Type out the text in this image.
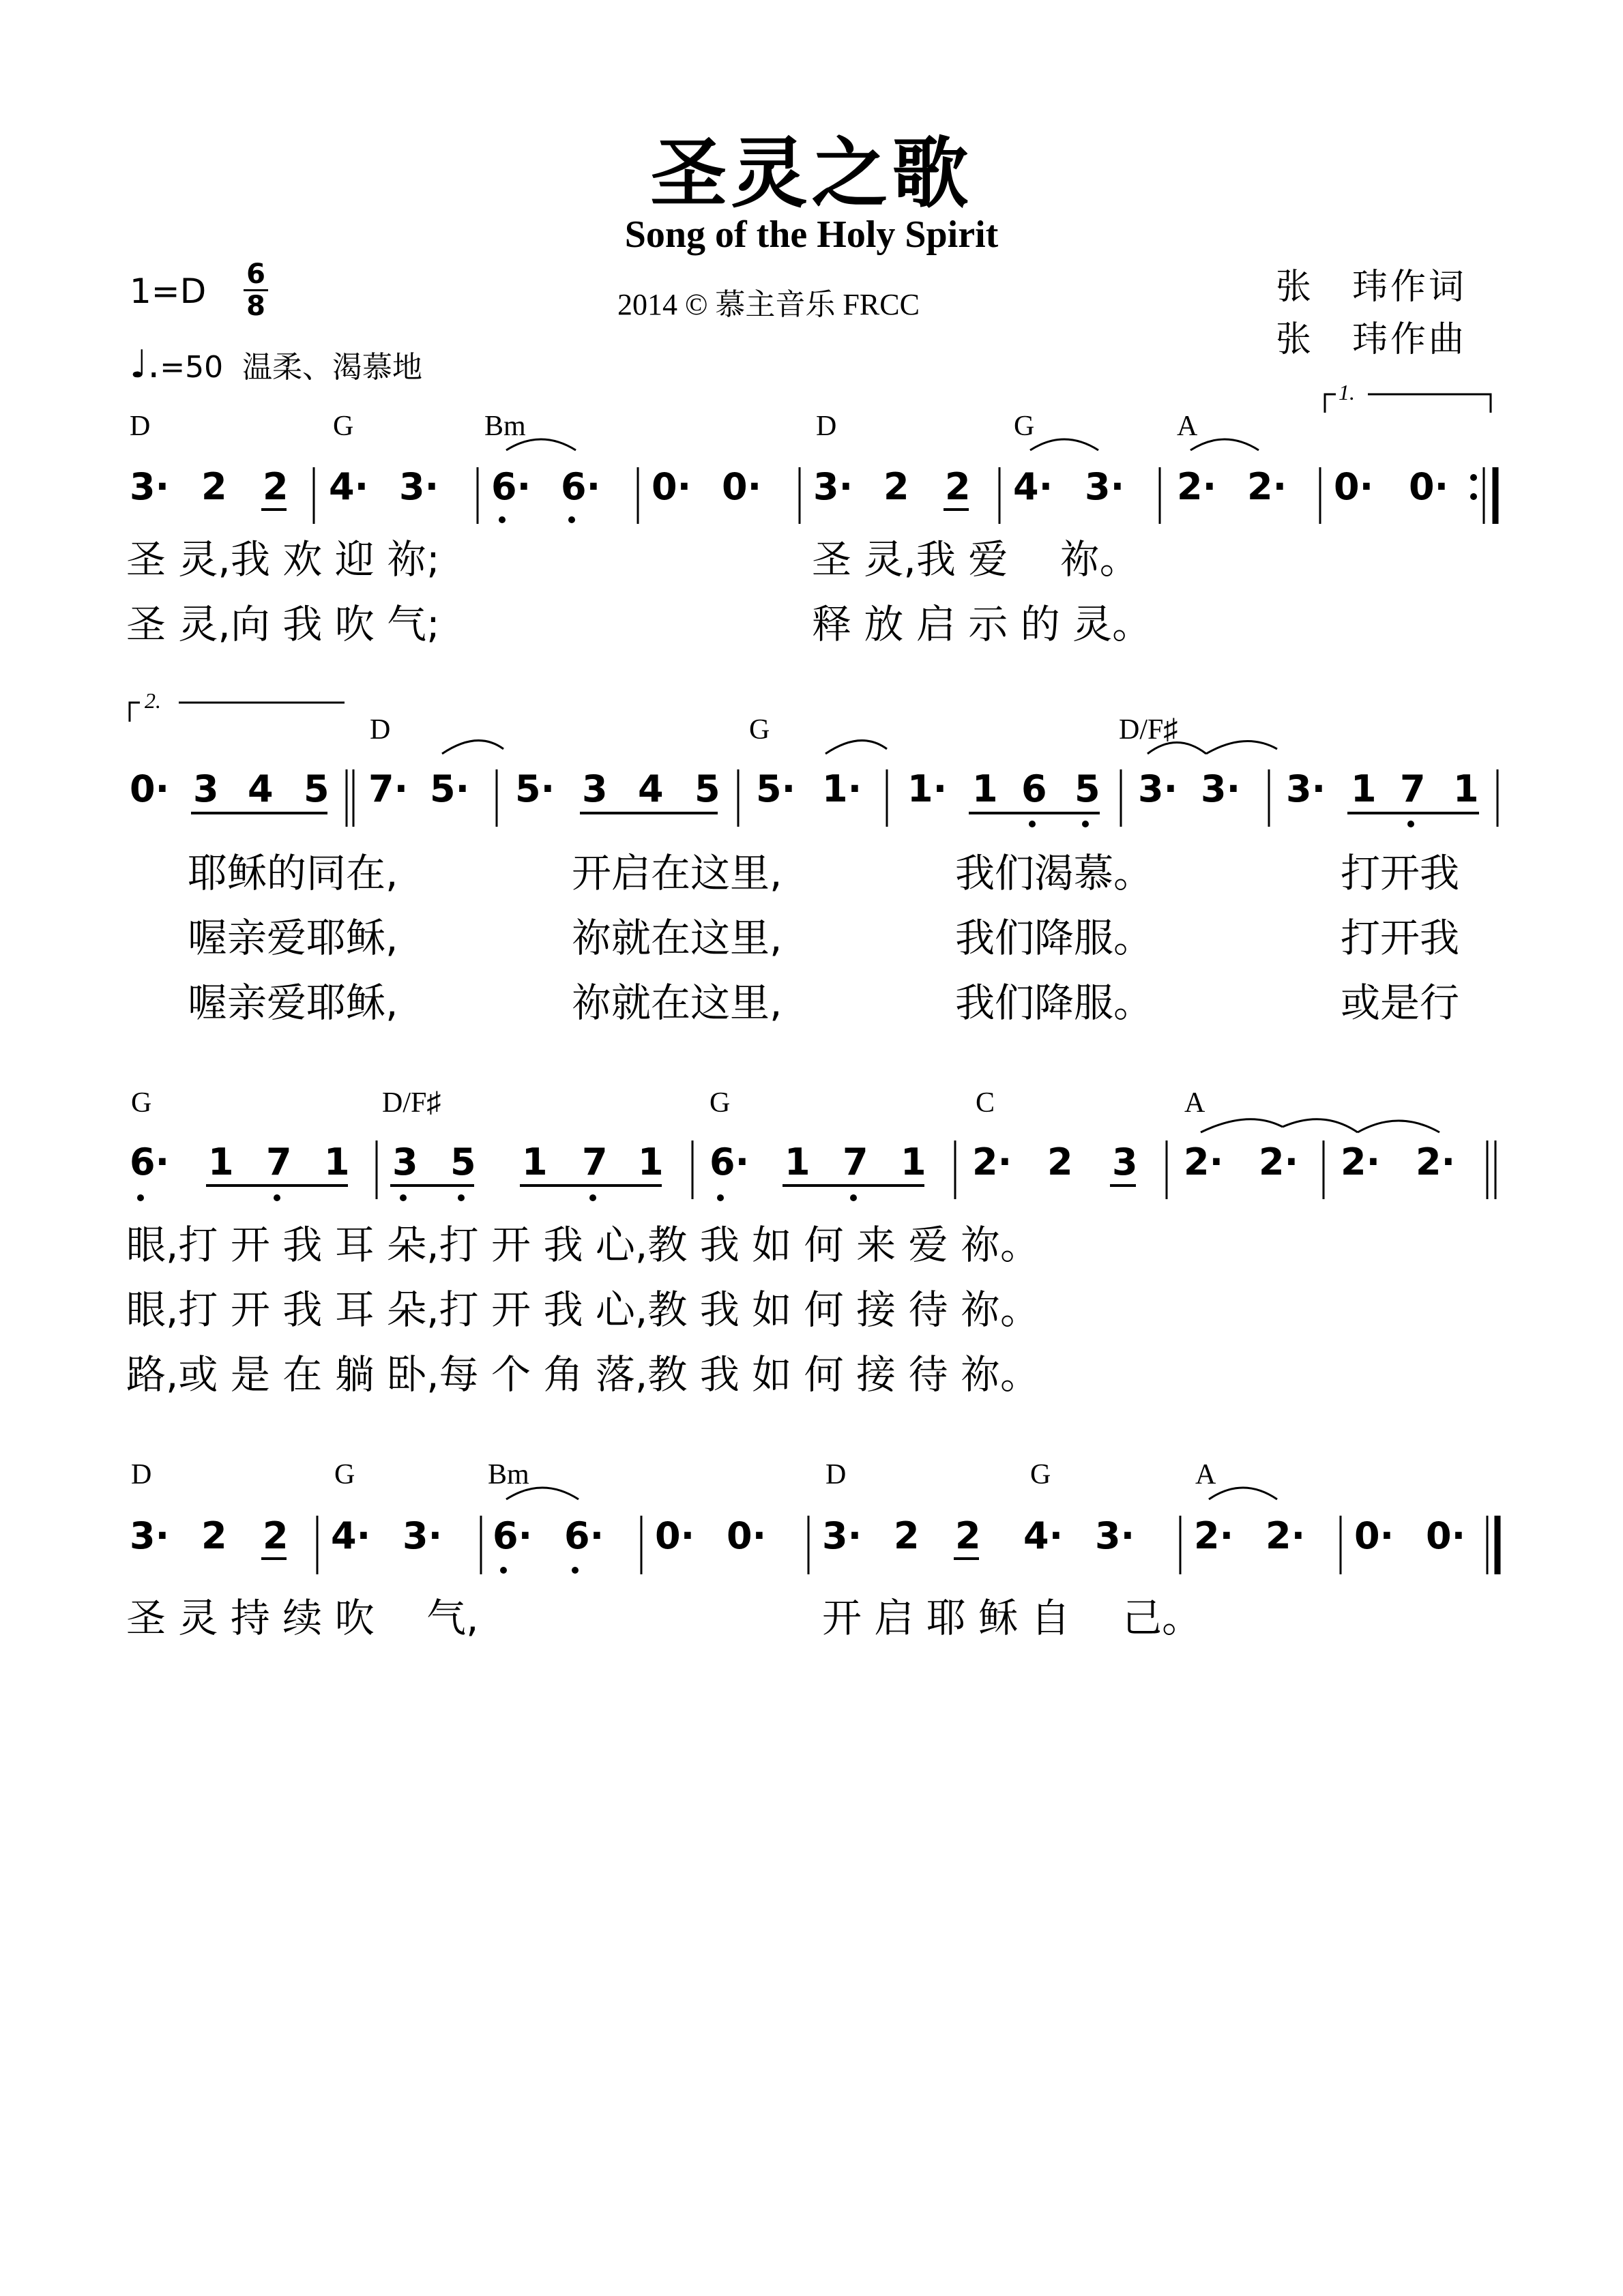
圣灵之歌
Song of the Holy Spirit
2014 © 慕主音乐 FRCC	张　玮作词
张　玮作曲
1=D 6
8
♩.=50 温柔、渴慕地
D	G	Bm	D	G	A
1.
3· 2 2 4· 3· 6· 6· 0· 0· 3· 2 2 4· 3· 2· 2· 0· 0·
圣 灵,我 欢 迎 祢;	圣 灵,我 爱　 祢。
圣 灵,向 我 吹 气;	释 放 启 示 的 灵。
2.
D	G	D/F♯
0· 3 4 5 7· 5· 5· 3 4 5 5· 1· 1· 1 6 5 3· 3· 3· 1 7 1
耶稣的同在,	开启在这里,	我们渴慕。	打开我
喔亲爱耶稣,	祢就在这里,	我们降服。	打开我
喔亲爱耶稣,	祢就在这里,	我们降服。	或是行
G	D/F♯	G	C	A
6· 1 7 1 3 5 1 7 1 6· 1 7 1 2· 2 3 2· 2· 2· 2·
眼,打 开 我 耳 朵,打 开 我 心,教 我 如 何 来 爱 祢。
眼,打 开 我 耳 朵,打 开 我 心,教 我 如 何 接 待 祢。
路,或 是 在 躺 卧,每 个 角 落,教 我 如 何 接 待 祢。
D	G	Bm	D	G	A
3· 2 2 4· 3· 6· 6· 0· 0· 3· 2 2 4· 3· 2· 2· 0· 0·
圣 灵 持 续 吹　 气,	开 启 耶 稣 自　 己。
